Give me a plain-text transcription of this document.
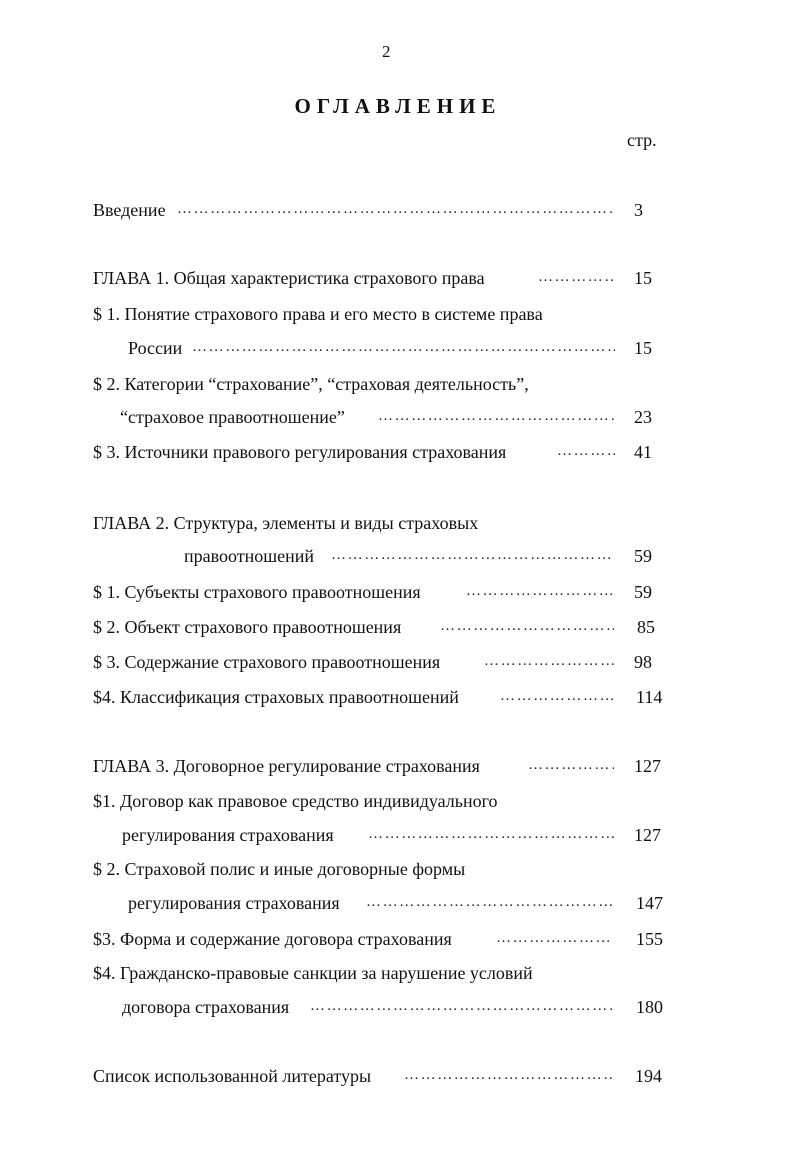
2
ОГЛАВЛЕНИЕ
стр.
Введение ………………………………………………………………………………………………………………………………………………	3
ГЛАВА 1. Общая характеристика страхового права ………………………………………………………………………………………………………………………………………………	15
$ 1. Понятие страхового права и его место в системе права
России ………………………………………………………………………………………………………………………………………………	15
$ 2. Категории “страхование”, “страховая деятельность”,
“страховое правоотношение” ………………………………………………………………………………………………………………………………………………	23
$ 3. Источники правового регулирования страхования ………………………………………………………………………………………………………………………………………………	41
ГЛАВА 2. Структура, элементы и виды страховых
правоотношений ………………………………………………………………………………………………………………………………………………	59
$ 1. Субъекты страхового правоотношения ………………………………………………………………………………………………………………………………………………	59
$ 2. Объект страхового правоотношения ………………………………………………………………………………………………………………………………………………	85
$ 3. Содержание страхового правоотношения ………………………………………………………………………………………………………………………………………………	98
$4. Классификация страховых правоотношений ………………………………………………………………………………………………………………………………………………	114
ГЛАВА 3. Договорное регулирование страхования ………………………………………………………………………………………………………………………………………………	127
$1. Договор как правовое средство индивидуального
регулирования страхования ………………………………………………………………………………………………………………………………………………	127
$ 2. Страховой полис и иные договорные формы
регулирования страхования ………………………………………………………………………………………………………………………………………………	147
$3. Форма и содержание договора страхования ………………………………………………………………………………………………………………………………………………	155
$4. Гражданско-правовые санкции за нарушение условий
договора страхования ………………………………………………………………………………………………………………………………………………	180
Список использованной литературы ………………………………………………………………………………………………………………………………………………	194
